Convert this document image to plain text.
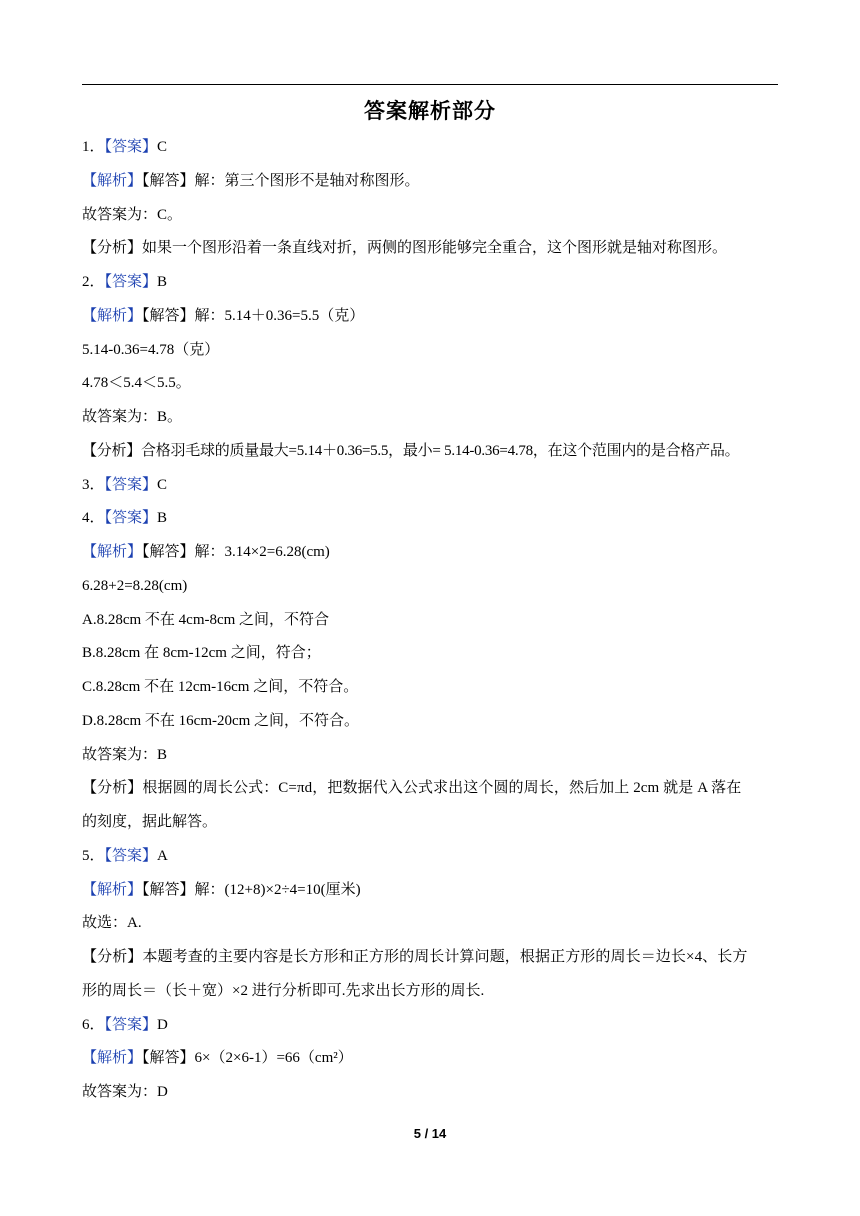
答案解析部分
1．【答案】C
【解析】【解答】解：第三个图形不是轴对称图形。
故答案为：C。
【分析】如果一个图形沿着一条直线对折，两侧的图形能够完全重合，这个图形就是轴对称图形。
2．【答案】B
【解析】【解答】解：5.14＋0.36=5.5（克）
5.14-0.36=4.78（克）
4.78＜5.4＜5.5。
故答案为：B。
【分析】合格羽毛球的质量最大=5.14＋0.36=5.5，最小= 5.14-0.36=4.78，在这个范围内的是合格产品。
3．【答案】C
4．【答案】B
【解析】【解答】解：3.14×2=6.28(cm)
6.28+2=8.28(cm)
A.8.28cm 不在 4cm-8cm 之间，不符合
B.8.28cm 在 8cm-12cm 之间，符合；
C.8.28cm 不在 12cm-16cm 之间，不符合。
D.8.28cm 不在 16cm-20cm 之间，不符合。
故答案为：B
【分析】根据圆的周长公式：C=πd，把数据代入公式求出这个圆的周长，然后加上 2cm 就是 A 落在
的刻度，据此解答。
5．【答案】A
【解析】【解答】解：(12+8)×2÷4=10(厘米)
故选：A.
【分析】本题考查的主要内容是长方形和正方形的周长计算问题，根据正方形的周长＝边长×4、长方
形的周长＝（长＋宽）×2 进行分析即可.先求出长方形的周长.
6．【答案】D
【解析】【解答】6×（2×6-1）=66（cm²）
故答案为：D
5 / 14
